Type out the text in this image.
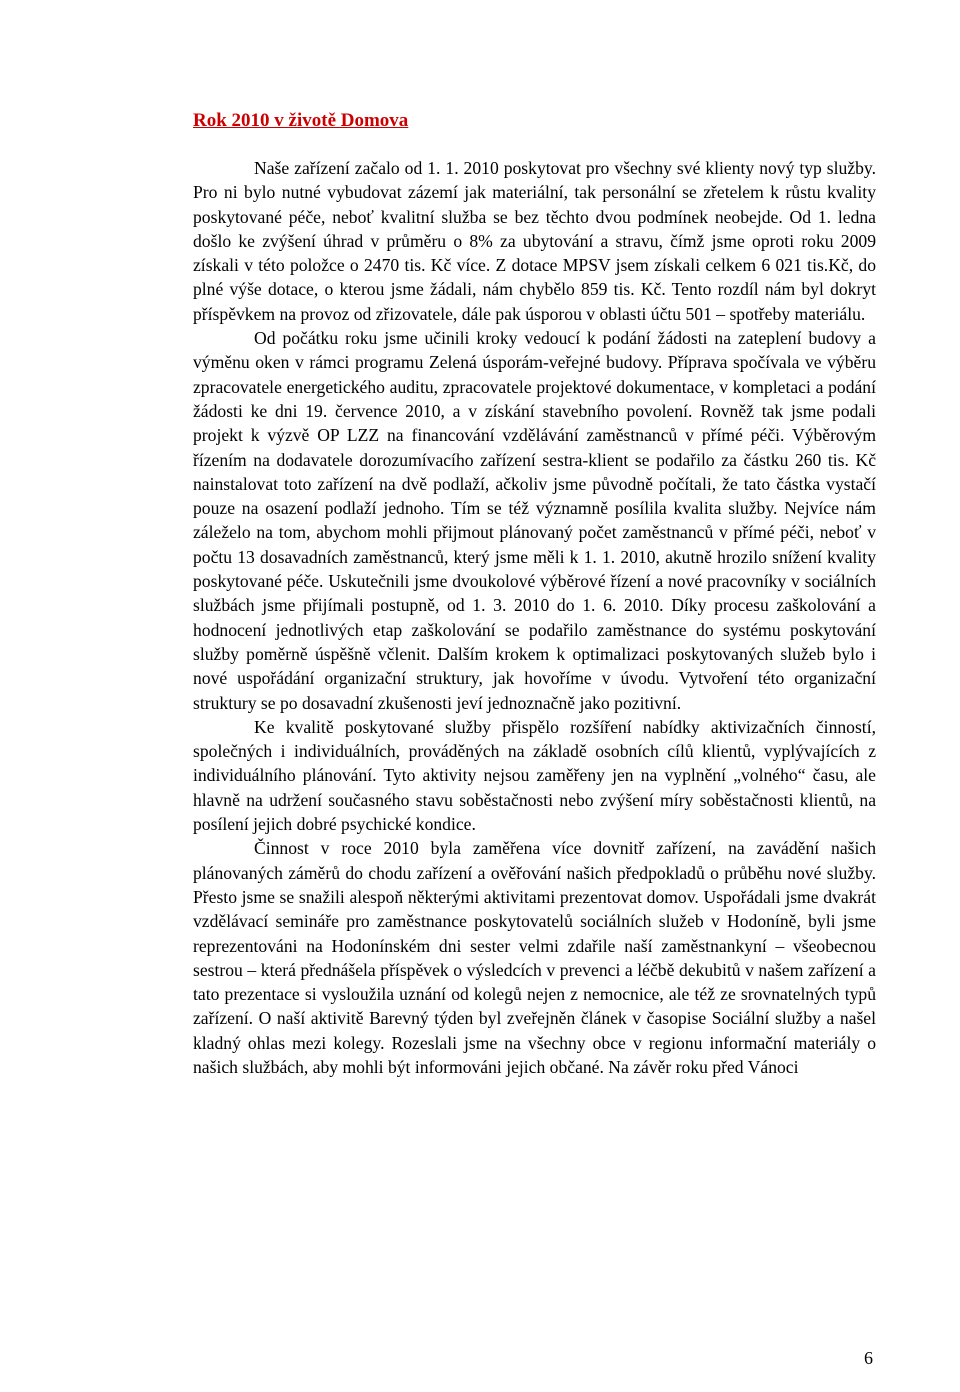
Rok 2010 v životě Domova

Naše zařízení začalo od 1. 1. 2010 poskytovat pro všechny své klienty nový typ služby. Pro ni bylo nutné vybudovat zázemí jak materiální, tak personální se zřetelem k růstu kvality poskytované péče, neboť kvalitní služba se bez těchto dvou podmínek neobejde. Od 1. ledna došlo ke zvýšení úhrad v průměru o 8% za ubytování a stravu, čímž jsme oproti roku 2009 získali v této položce o 2470 tis. Kč více. Z dotace MPSV jsem získali celkem 6 021 tis.Kč, do plné výše dotace, o kterou jsme žádali, nám chybělo 859 tis. Kč. Tento rozdíl nám byl dokryt příspěvkem na provoz od zřizovatele, dále pak úsporou v oblasti účtu 501 – spotřeby materiálu.

Od počátku roku jsme učinili kroky vedoucí k podání žádosti na zateplení budovy a výměnu oken v rámci programu Zelená úsporám-veřejné budovy. Příprava spočívala ve výběru zpracovatele energetického auditu, zpracovatele projektové dokumentace, v kompletaci a podání žádosti ke dni 19. července 2010, a v získání stavebního povolení. Rovněž tak jsme podali projekt k výzvě OP LZZ na financování vzdělávání zaměstnanců v přímé péči. Výběrovým řízením na dodavatele dorozumívacího zařízení sestra-klient se podařilo za částku 260 tis. Kč nainstalovat toto zařízení na dvě podlaží, ačkoliv jsme původně počítali, že tato částka vystačí pouze na osazení podlaží jednoho. Tím se též významně posílila kvalita služby. Nejvíce nám záleželo na tom, abychom mohli přijmout plánovaný počet zaměstnanců v přímé péči, neboť v počtu 13 dosavadních zaměstnanců, který jsme měli k 1. 1. 2010, akutně hrozilo snížení kvality poskytované péče. Uskutečnili jsme dvoukolové výběrové řízení a nové pracovníky v sociálních službách jsme přijímali postupně, od 1. 3. 2010 do 1. 6. 2010. Díky procesu zaškolování a hodnocení jednotlivých etap zaškolování se podařilo zaměstnance do systému poskytování služby poměrně úspěšně včlenit. Dalším krokem k optimalizaci poskytovaných služeb bylo i nové uspořádání organizační struktury, jak hovoříme v úvodu. Vytvoření této organizační struktury se po dosavadní zkušenosti jeví jednoznačně jako pozitivní.

Ke kvalitě poskytované služby přispělo rozšíření nabídky aktivizačních činností, společných i individuálních, prováděných na základě osobních cílů klientů, vyplývajících z individuálního plánování. Tyto aktivity nejsou zaměřeny jen na vyplnění „volného“ času, ale hlavně na udržení současného stavu soběstačnosti nebo zvýšení míry soběstačnosti klientů, na posílení jejich dobré psychické kondice.

Činnost v roce 2010 byla zaměřena více dovnitř zařízení, na zavádění našich plánovaných záměrů do chodu zařízení a ověřování našich předpokladů o průběhu nové služby. Přesto jsme se snažili alespoň některými aktivitami prezentovat domov. Uspořádali jsme dvakrát vzdělávací semináře pro zaměstnance poskytovatelů sociálních služeb v Hodoníně, byli jsme reprezentováni na Hodonínském dni sester velmi zdařile naší zaměstnankyní – všeobecnou sestrou – která přednášela příspěvek o výsledcích v prevenci a léčbě dekubitů v našem zařízení a tato prezentace si vysloužila uznání od kolegů nejen z nemocnice, ale též ze srovnatelných typů zařízení. O naší aktivitě Barevný týden byl zveřejněn článek v časopise Sociální služby a našel kladný ohlas mezi kolegy. Rozeslali jsme na všechny obce v regionu informační materiály o našich službách, aby mohli být informováni jejich občané. Na závěr roku před Vánoci

6
